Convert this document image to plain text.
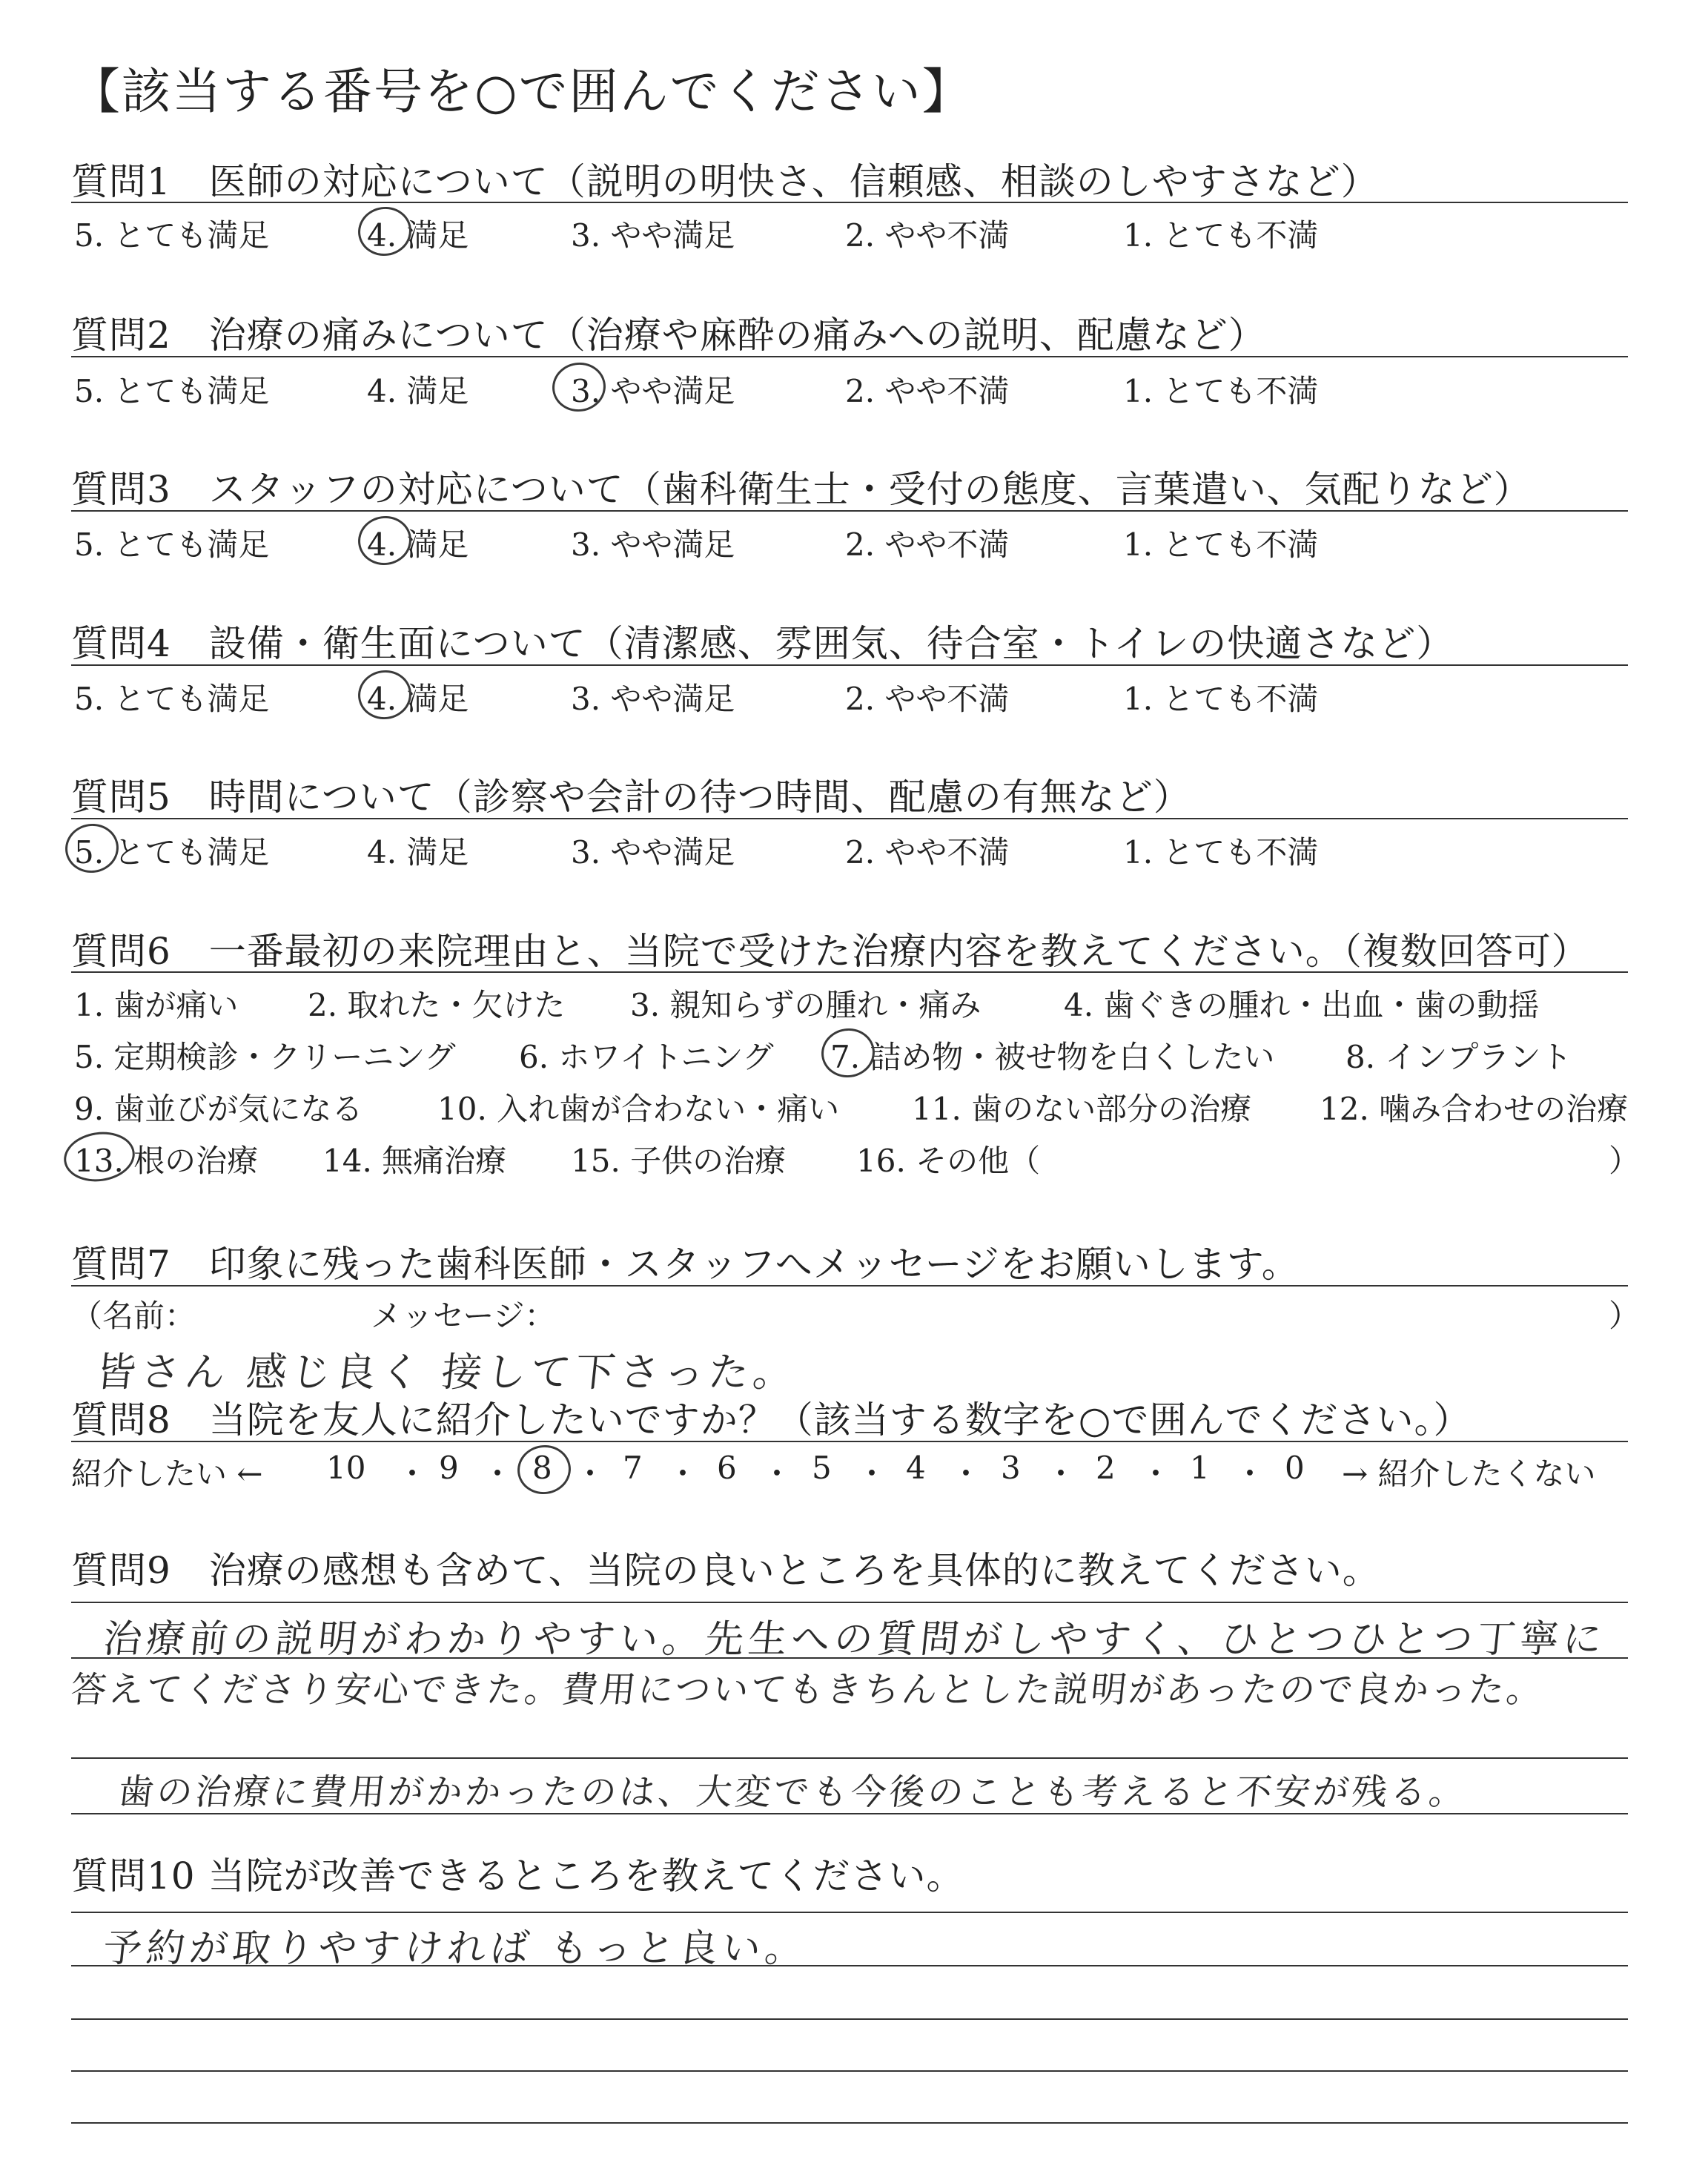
【該当する番号を○で囲んでください】
質問1　医師の対応について（説明の明快さ、信頼感、相談のしやすさなど）
5. とても満足	4. 満足	3. やや満足	2. やや不満	1. とても不満
質問2　治療の痛みについて（治療や麻酔の痛みへの説明、配慮など）
5. とても満足	4. 満足	3. やや満足	2. やや不満	1. とても不満
質問3　スタッフの対応について（歯科衛生士・受付の態度、言葉遣い、気配りなど）
5. とても満足	4. 満足	3. やや満足	2. やや不満	1. とても不満
質問4　設備・衛生面について（清潔感、雰囲気、待合室・トイレの快適さなど）
5. とても満足	4. 満足	3. やや満足	2. やや不満	1. とても不満
質問5　時間について（診察や会計の待つ時間、配慮の有無など）
5. とても満足	4. 満足	3. やや満足	2. やや不満	1. とても不満
質問6　一番最初の来院理由と、当院で受けた治療内容を教えてください。（複数回答可）
1. 歯が痛い 2. 取れた・欠けた 3. 親知らずの腫れ・痛み	4. 歯ぐきの腫れ・出血・歯の動揺
5. 定期検診・クリーニング 6. ホワイトニング 7. 詰め物・被せ物を白くしたい 8. インプラント
9. 歯並びが気になる 10. 入れ歯が合わない・痛い 11. 歯のない部分の治療 12. 噛み合わせの治療
13. 根の治療 14. 無痛治療 15. 子供の治療 16. その他（	）
質問7　印象に残った歯科医師・スタッフへメッセージをお願いします。
（名前：	メッセージ：	）
皆さん 感じ良く 接して下さった。
質問8　当院を友人に紹介したいですか？（該当する数字を○で囲んでください。）
紹介したい ← 10 ・ 9 ・ 8 ・ 7 ・ 6 ・ 5 ・ 4 ・ 3 ・ 2 ・ 1 ・ 0 → 紹介したくない
質問9　治療の感想も含めて、当院の良いところを具体的に教えてください。
治療前の説明がわかりやすい。先生への質問がしやすく、ひとつひとつ丁寧に
答えてくださり安心できた。費用についてもきちんとした説明があったので良かった。
歯の治療に費用がかかったのは、大変でも今後のことも考えると不安が残る。
質問10 当院が改善できるところを教えてください。
予約が取りやすければ もっと良い。
